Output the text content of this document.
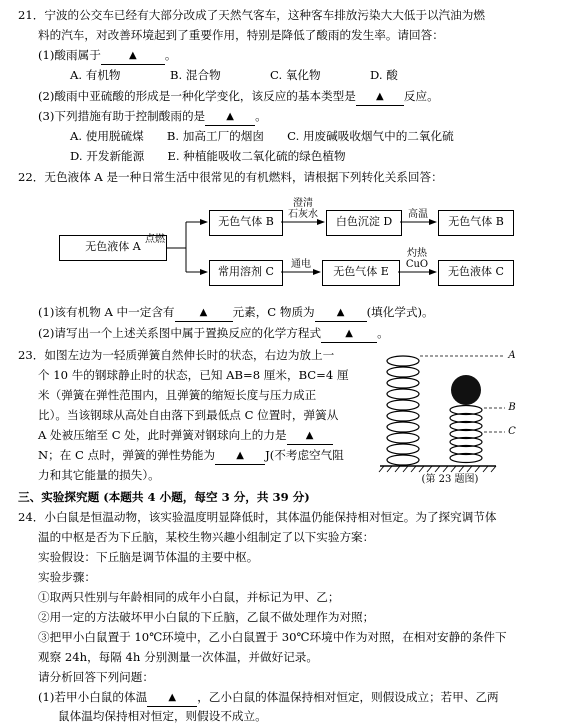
21．宁波的公交车已经有大部分改成了天然气客车，这种客车排放污染大大低于以汽油为燃
料的汽车，对改善环境起到了重要作用，特别是降低了酸雨的发生率。请回答：
(1)酸雨属于	▲ 。
A. 有机物	B. 混合物	C. 氧化物	D. 酸
(2)酸雨中亚硫酸的形成是一种化学变化，该反应的基本类型是 ▲ 反应。
(3)下列措施有助于控制酸雨的是 ▲ 。
A. 使用脱硫煤　　B. 加高工厂的烟囱　　C. 用废碱吸收烟气中的二氧化硫
D. 开发新能源　　E. 种植能吸收二氧化硫的绿色植物
22．无色液体 A 是一种日常生活中很常见的有机燃料，请根据下列转化关系回答：
无色液体 A
无色气体 B	白色沉淀 D	无色气体 B
常用溶剂 C	无色气体 E	无色液体 C
点燃
澄清
石灰水	高温
通电
灼热
CuO
(1)该有机物 A 中一定含有	▲ 元素，C 物质为 ▲ (填化学式)。
(2)请写出一个上述关系图中属于置换反应的化学方程式 ▲ 。
23．如图左边为一轻质弹簧自然伸长时的状态，右边为放上一
个 10 牛的钢球静止时的状态，已知 AB=8 厘米，BC=4 厘
米（弹簧在弹性范围内，且弹簧的缩短长度与压力成正
比）。当该钢球从高处自由落下到最低点 C 位置时，弹簧从
A 处被压缩至 C 处，此时弹簧对钢球向上的力是 ▲
N；在 C 点时，弹簧的弹性势能为 ▲ J(不考虑空气阻
力和其它能量的损失）。
A
B
C
(第 23 题图)
三、实验探究题 (本题共 4 小题，每空 3 分，共 39 分)
24．小白鼠是恒温动物，该实验温度明显降低时，其体温仍能保持相对恒定。为了探究调节体
温的中枢是否为下丘脑，某校生物兴趣小组制定了以下实验方案：
实验假设：下丘脑是调节体温的主要中枢。
实验步骤：
①取两只性别与年龄相同的成年小白鼠，并标记为甲、乙；
②用一定的方法破坏甲小白鼠的下丘脑，乙鼠不做处理作为对照；
③把甲小白鼠置于 10℃环境中，乙小白鼠置于 30℃环境中作为对照，在相对安静的条件下
观察 24h，每隔 4h 分别测量一次体温，并做好记录。
请分析回答下列问题：
(1)若甲小白鼠的体温 ▲ ，乙小白鼠的体温保持相对恒定，则假设成立；若甲、乙两
鼠体温均保持相对恒定，则假设不成立。
